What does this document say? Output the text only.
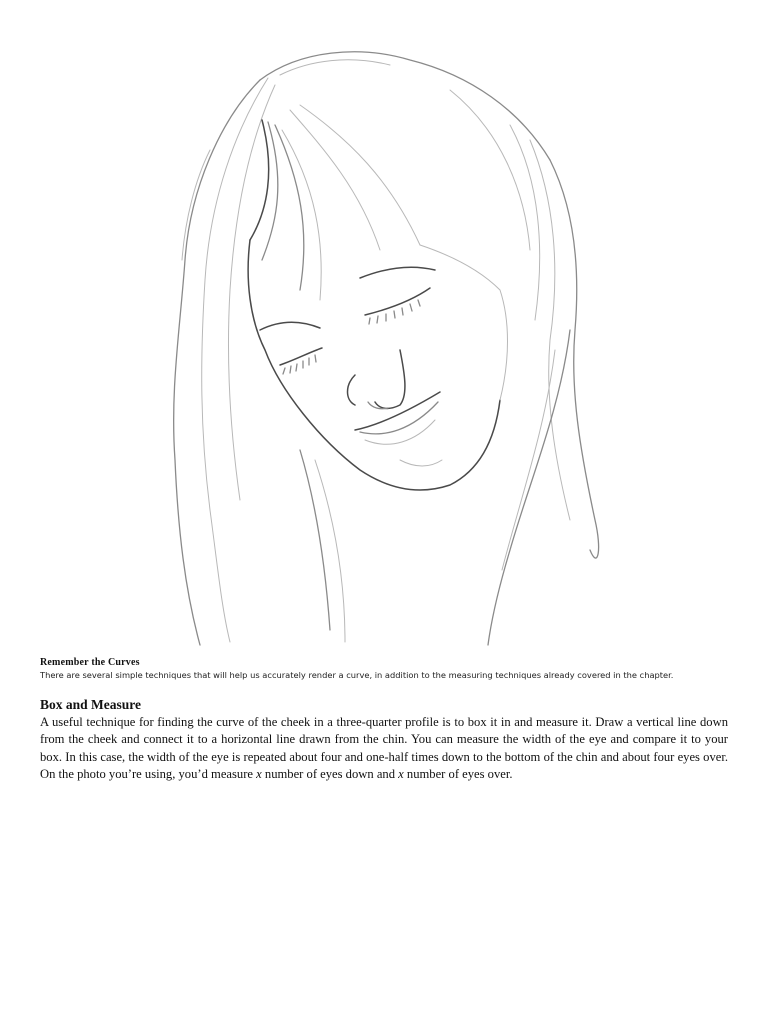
Remember the Curves
There are several simple techniques that will help us accurately render a curve, in addition to the measuring techniques already covered in the chapter.
Box and Measure
A useful technique for finding the curve of the cheek in a three-quarter profile is to box it in and measure it. Draw a vertical line down from the cheek and connect it to a horizontal line drawn from the chin. You can measure the width of the eye and compare it to your box. In this case, the width of the eye is repeated about four and one-half times down to the bottom of the chin and about four eyes over. On the photo you’re using, you’d measure x number of eyes down and x number of eyes over.
